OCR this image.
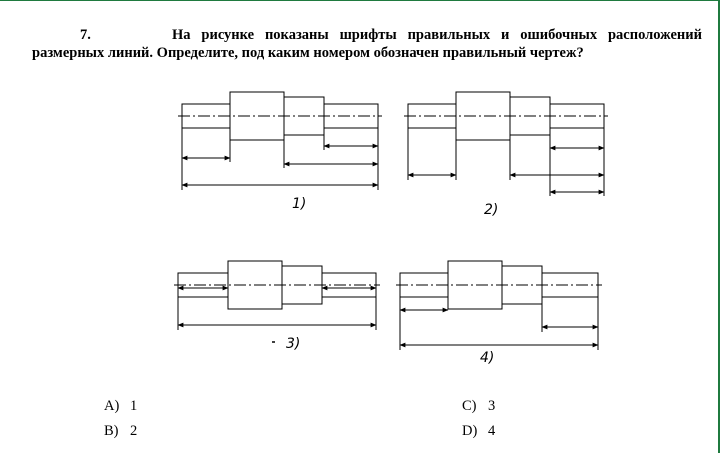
7.	На рисунке показаны шрифты правильных и ошибочных расположений
размерных линий. Определите, под каким номером обозначен правильный чертеж?
1)	2)
3)
4)
A) 1
B) 2
C) 3
D) 4
